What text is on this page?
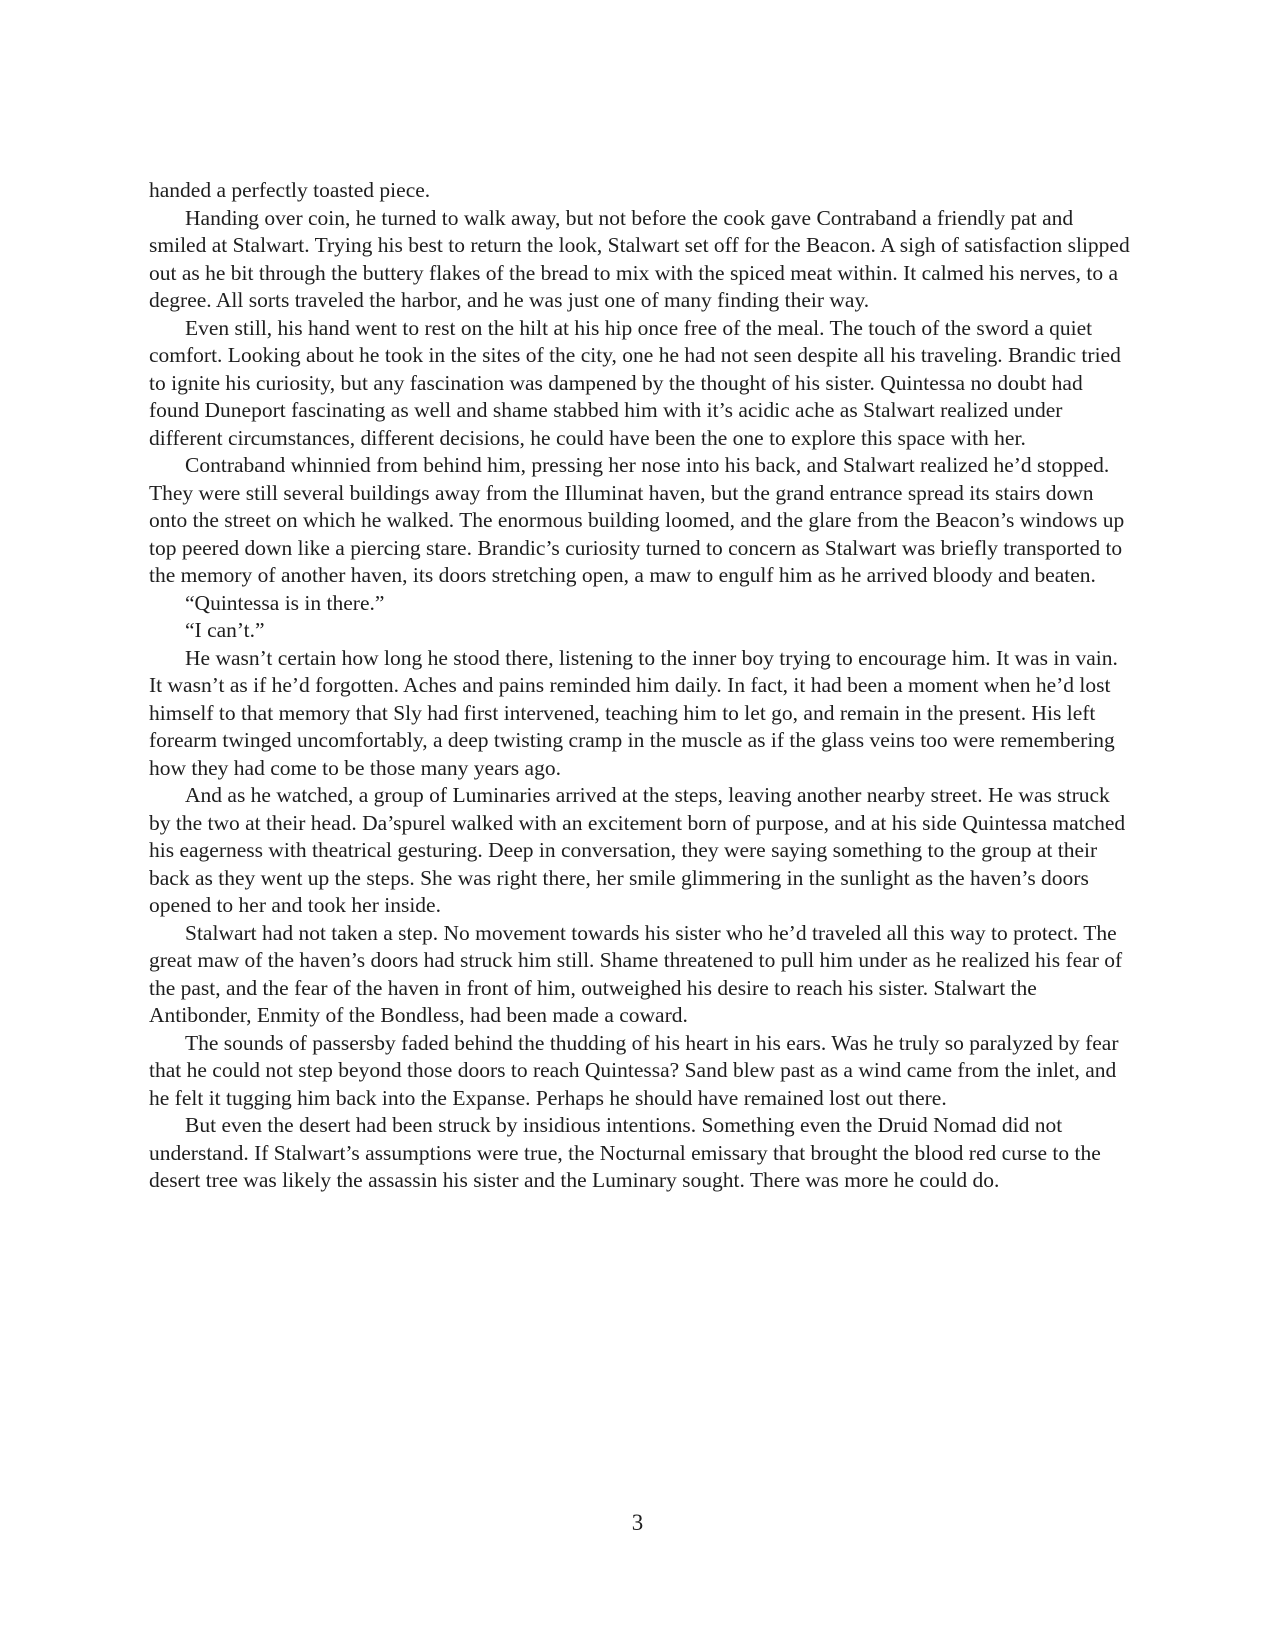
handed a perfectly toasted piece.

Handing over coin, he turned to walk away, but not before the cook gave Contraband a friendly pat and smiled at Stalwart. Trying his best to return the look, Stalwart set off for the Beacon. A sigh of satisfaction slipped out as he bit through the buttery flakes of the bread to mix with the spiced meat within. It calmed his nerves, to a degree. All sorts traveled the harbor, and he was just one of many finding their way.

Even still, his hand went to rest on the hilt at his hip once free of the meal. The touch of the sword a quiet comfort. Looking about he took in the sites of the city, one he had not seen despite all his traveling. Brandic tried to ignite his curiosity, but any fascination was dampened by the thought of his sister. Quintessa no doubt had found Duneport fascinating as well and shame stabbed him with it’s acidic ache as Stalwart realized under different circumstances, different decisions, he could have been the one to explore this space with her.

Contraband whinnied from behind him, pressing her nose into his back, and Stalwart realized he’d stopped. They were still several buildings away from the Illuminat haven, but the grand entrance spread its stairs down onto the street on which he walked. The enormous building loomed, and the glare from the Beacon’s windows up top peered down like a piercing stare. Brandic’s curiosity turned to concern as Stalwart was briefly transported to the memory of another haven, its doors stretching open, a maw to engulf him as he arrived bloody and beaten.

“Quintessa is in there.”

“I can’t.”

He wasn’t certain how long he stood there, listening to the inner boy trying to encourage him. It was in vain. It wasn’t as if he’d forgotten. Aches and pains reminded him daily. In fact, it had been a moment when he’d lost himself to that memory that Sly had first intervened, teaching him to let go, and remain in the present. His left forearm twinged uncomfortably, a deep twisting cramp in the muscle as if the glass veins too were remembering how they had come to be those many years ago.

And as he watched, a group of Luminaries arrived at the steps, leaving another nearby street. He was struck by the two at their head. Da’spurel walked with an excitement born of purpose, and at his side Quintessa matched his eagerness with theatrical gesturing. Deep in conversation, they were saying something to the group at their back as they went up the steps. She was right there, her smile glimmering in the sunlight as the haven’s doors opened to her and took her inside.

Stalwart had not taken a step. No movement towards his sister who he’d traveled all this way to protect. The great maw of the haven’s doors had struck him still. Shame threatened to pull him under as he realized his fear of the past, and the fear of the haven in front of him, outweighed his desire to reach his sister. Stalwart the Antibonder, Enmity of the Bondless, had been made a coward.

The sounds of passersby faded behind the thudding of his heart in his ears. Was he truly so paralyzed by fear that he could not step beyond those doors to reach Quintessa? Sand blew past as a wind came from the inlet, and he felt it tugging him back into the Expanse. Perhaps he should have remained lost out there.

But even the desert had been struck by insidious intentions. Something even the Druid Nomad did not understand. If Stalwart’s assumptions were true, the Nocturnal emissary that brought the blood red curse to the desert tree was likely the assassin his sister and the Luminary sought. There was more he could do.

3
